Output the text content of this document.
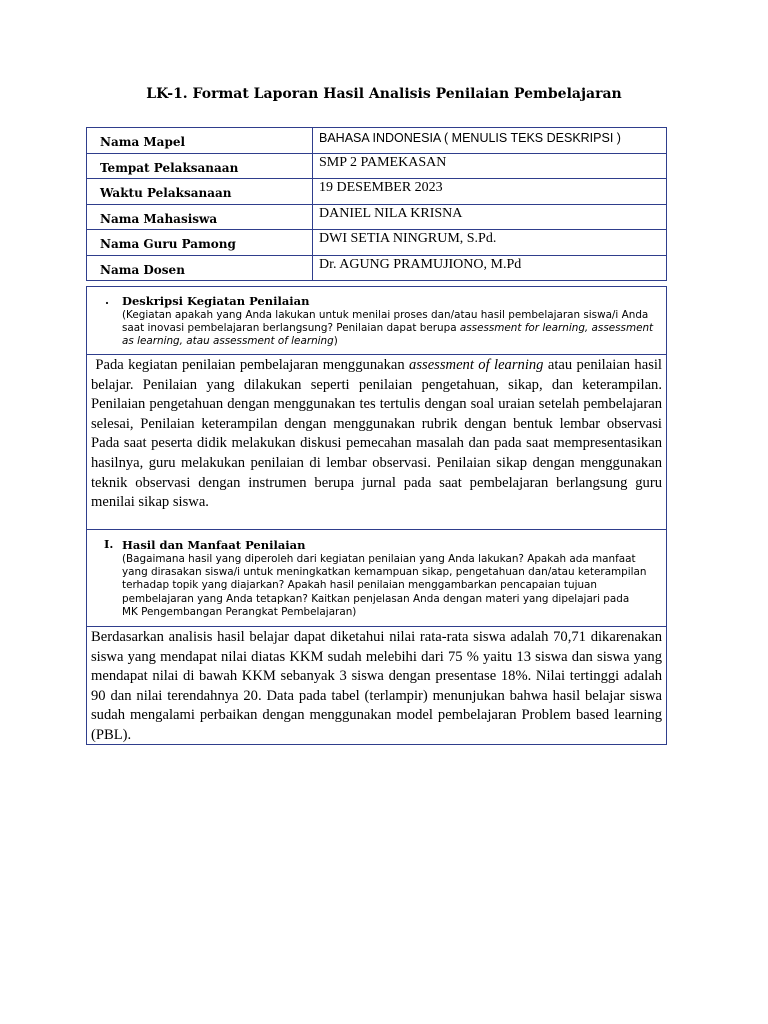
LK-1. Format Laporan Hasil Analisis Penilaian Pembelajaran
Nama Mapel	BAHASA INDONESIA ( MENULIS TEKS DESKRIPSI )
Tempat Pelaksanaan	SMP 2 PAMEKASAN
Waktu Pelaksanaan	19 DESEMBER 2023
Nama Mahasiswa	DANIEL NILA KRISNA
Nama Guru Pamong	DWI SETIA NINGRUM, S.Pd.
Nama Dosen	Dr. AGUNG PRAMUJIONO, M.Pd
. Deskripsi Kegiatan Penilaian

(Kegiatan apakah yang Anda lakukan untuk menilai proses dan/atau hasil pembelajaran siswa/i Anda saat inovasi pembelajaran berlangsung? Penilaian dapat berupa assessment for learning, assessment as learning, atau assessment of learning)

Pada kegiatan penilaian pembelajaran menggunakan assessment of learning atau penilaian hasil belajar. Penilaian yang dilakukan seperti penilaian pengetahuan, sikap, dan keterampilan. Penilaian pengetahuan dengan menggunakan tes tertulis dengan soal uraian setelah pembelajaran selesai, Penilaian keterampilan dengan menggunakan rubrik dengan bentuk lembar observasi Pada saat peserta didik melakukan diskusi pemecahan masalah dan pada saat mempresentasikan hasilnya, guru melakukan penilaian di lembar observasi. Penilaian sikap dengan menggunakan teknik observasi dengan instrumen berupa jurnal pada saat pembelajaran berlangsung guru menilai sikap siswa.

I. Hasil dan Manfaat Penilaian

(Bagaimana hasil yang diperoleh dari kegiatan penilaian yang Anda lakukan? Apakah ada manfaat yang dirasakan siswa/i untuk meningkatkan kemampuan sikap, pengetahuan dan/atau keterampilan terhadap topik yang diajarkan? Apakah hasil penilaian menggambarkan pencapaian tujuan pembelajaran yang Anda tetapkan? Kaitkan penjelasan Anda dengan materi yang dipelajari pada MK Pengembangan Perangkat Pembelajaran)

Berdasarkan analisis hasil belajar dapat diketahui nilai rata-rata siswa adalah 70,71 dikarenakan siswa yang mendapat nilai diatas KKM sudah melebihi dari 75 % yaitu 13 siswa dan siswa yang mendapat nilai di bawah KKM sebanyak 3 siswa dengan presentase 18%. Nilai tertinggi adalah 90 dan nilai terendahnya 20. Data pada tabel (terlampir) menunjukan bahwa hasil belajar siswa sudah mengalami perbaikan dengan menggunakan model pembelajaran Problem based learning (PBL).
